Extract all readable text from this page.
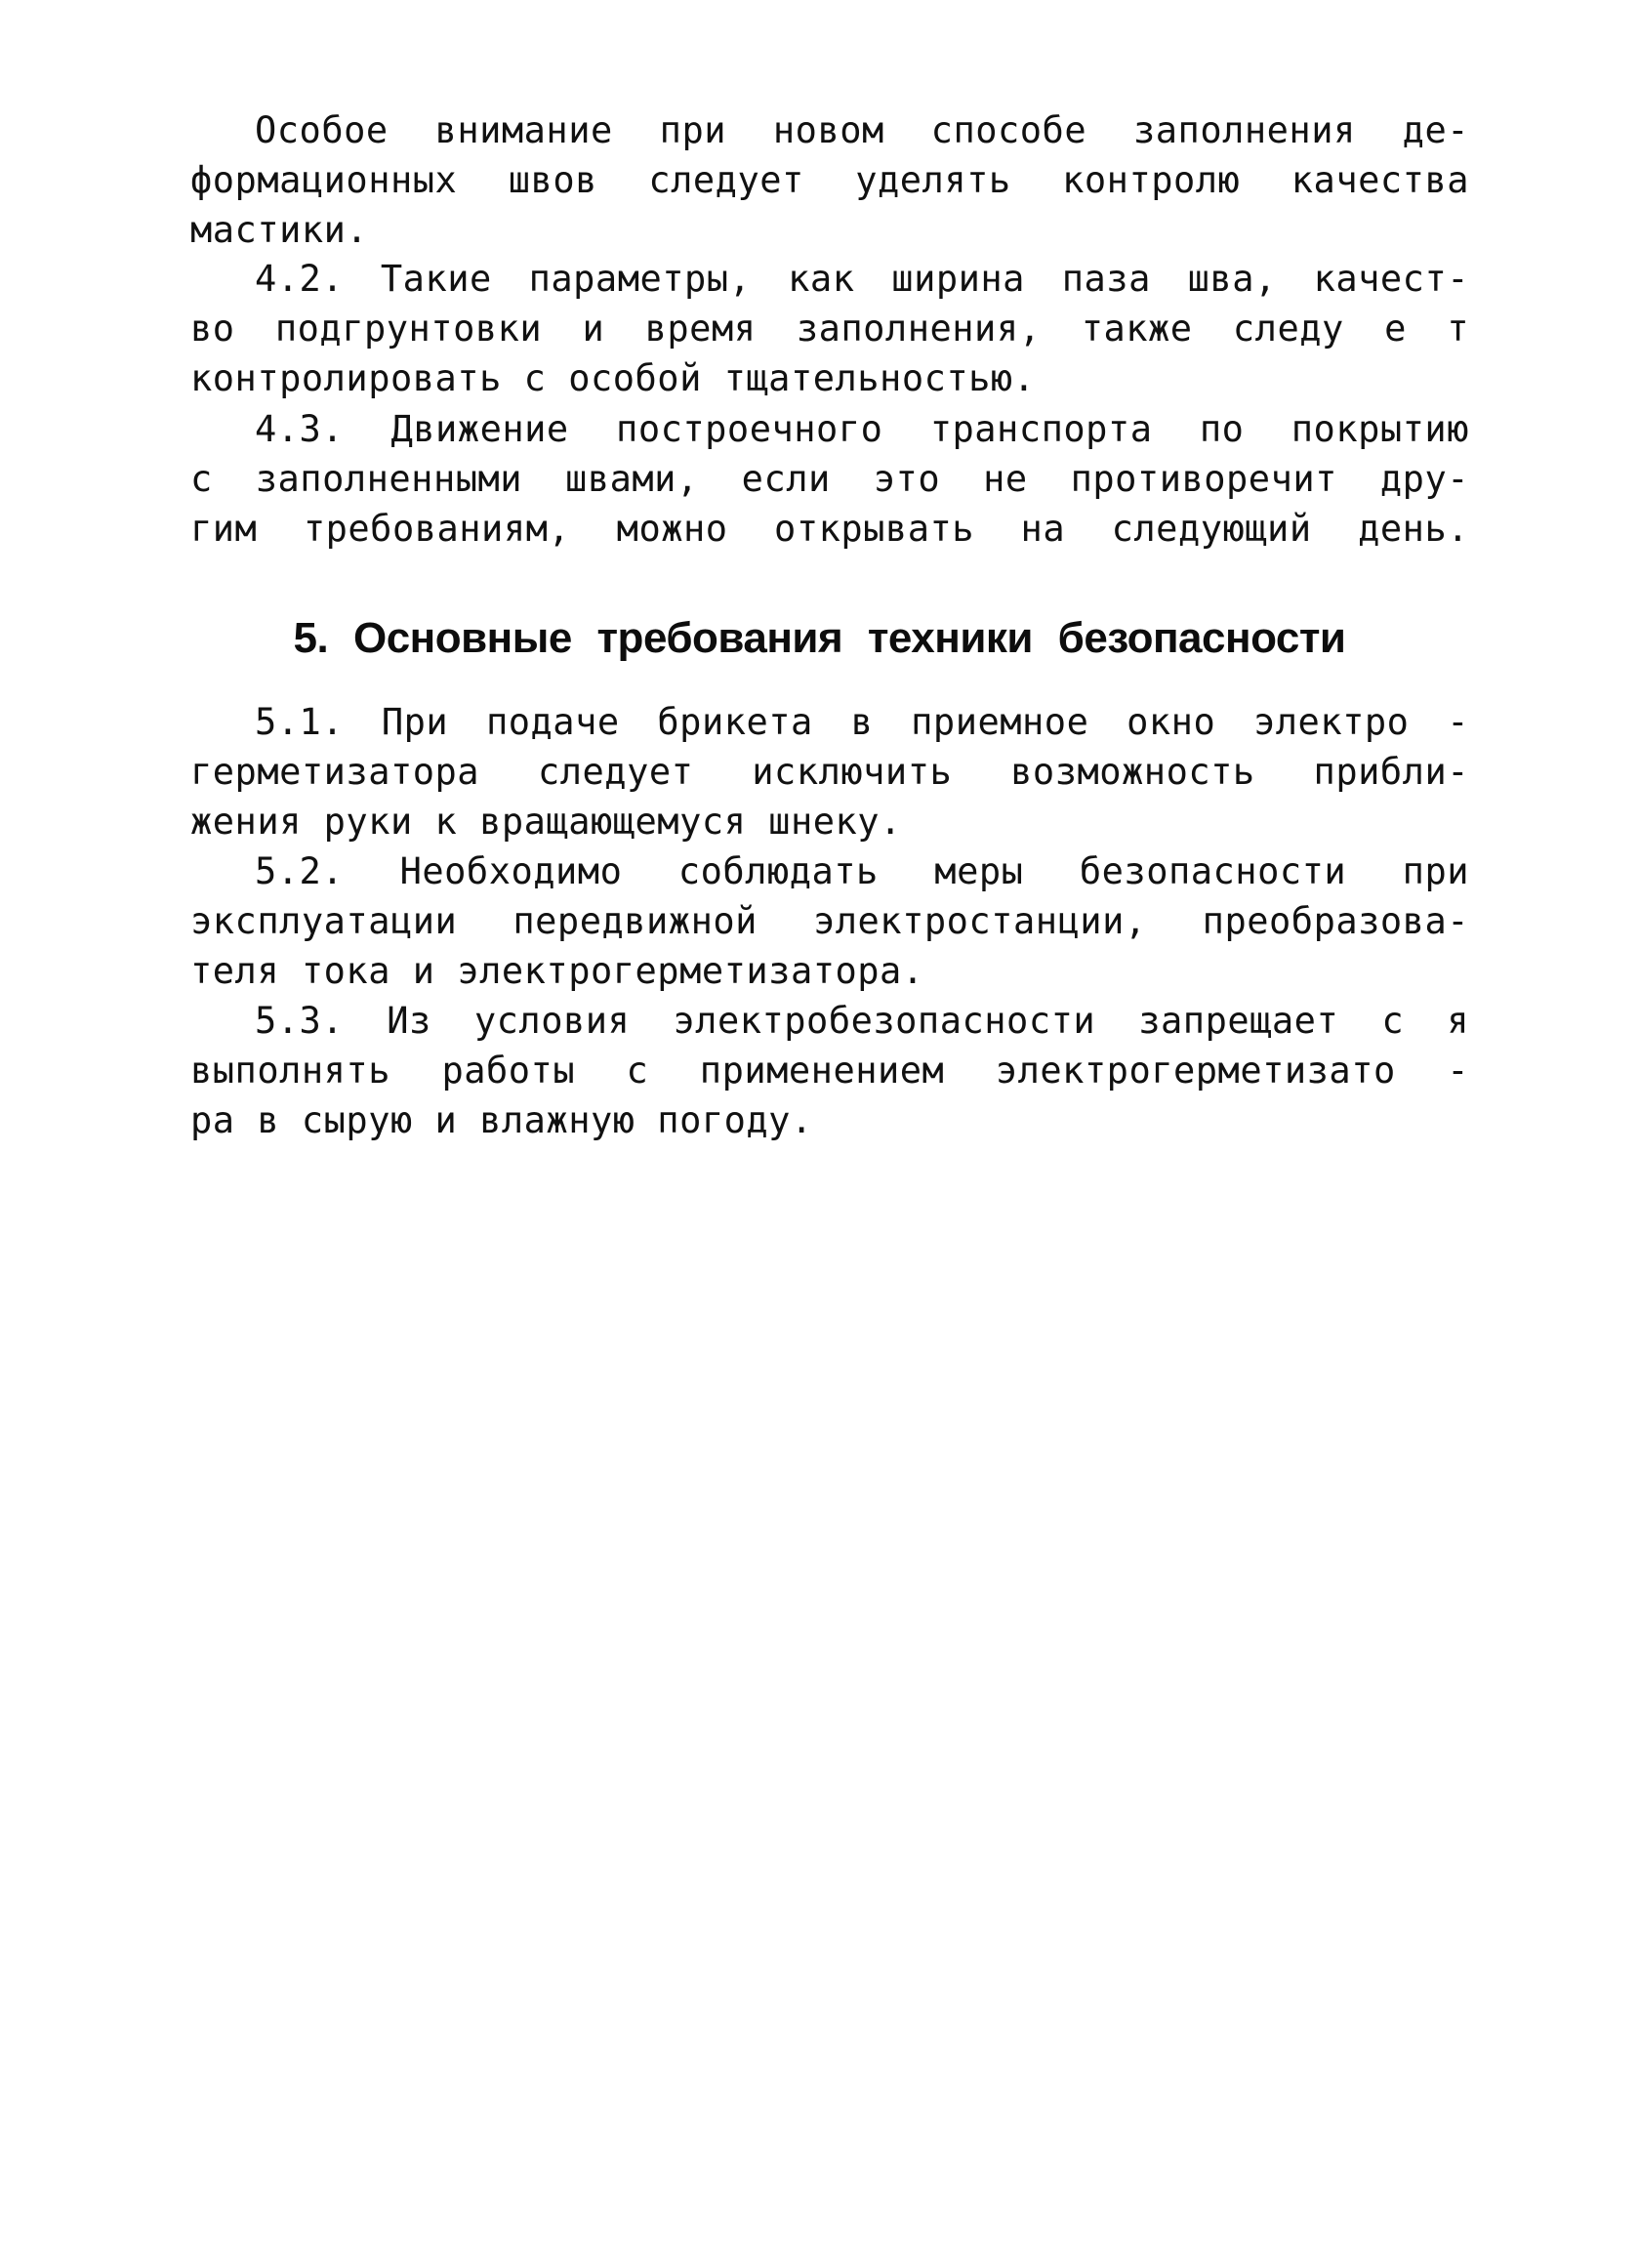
Особое внимание при новом способе заполнения де-
формационных швов следует уделять контролю качества
мастики.
4.2. Такие параметры, как ширина паза шва, качест-
во подгрунтовки и время заполнения, также следу е т
контролировать с особой тщательностью.
4.3. Движение построечного транспорта по покрытию
с заполненными швами, если это не противоречит дру-
гим требованиям, можно открывать на следующий день.
5. Основные требования техники безопасности
5.1. При подаче брикета в приемное окно электро -
герметизатора следует исключить возможность прибли-
жения руки к вращающемуся шнеку.
5.2. Необходимо соблюдать меры безопасности при
эксплуатации передвижной электростанции, преобразова-
теля тока и электрогерметизатора.
5.3. Из условия электробезопасности запрещает с я
выполнять работы с применением электрогерметизато -
ра в сырую и влажную погоду.
